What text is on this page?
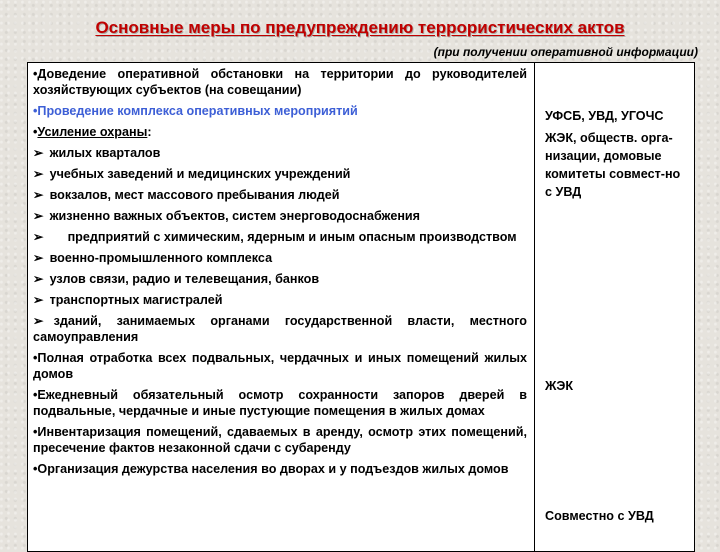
Основные меры по предупреждению террористических актов
(при получении оперативной информации)
•Доведение оперативной обстановки на территории до руководителей хозяйствующих субъектов (на совещании)
•Проведение комплекса оперативных мероприятий
•Усиление охраны:
➢ жилых кварталов
➢ учебных заведений и медицинских учреждений
➢ вокзалов, мест массового пребывания людей
➢ жизненно важных объектов, систем энерговодоснабжения
➢ предприятий с химическим, ядерным и иным опасным производством
➢ военно-промышленного комплекса
➢ узлов связи, радио и телевещания, банков
➢ транспортных магистралей
➢ зданий, занимаемых органами государственной власти, местного самоуправления
•Полная отработка всех подвальных, чердачных и иных помещений жилых домов
•Ежедневный обязательный осмотр сохранности запоров дверей в подвальные, чердачные и иные пустующие помещения в жилых домах
•Инвентаризация помещений, сдаваемых в аренду, осмотр этих помещений, пресечение фактов незаконной сдачи с субаренду
•Организация дежурства населения во дворах и у подъездов жилых домов
УФСБ, УВД, УГОЧС
ЖЭК, обществ. орга-низации, домовые комитеты совмест-но с УВД
ЖЭК
Совместно с УВД
